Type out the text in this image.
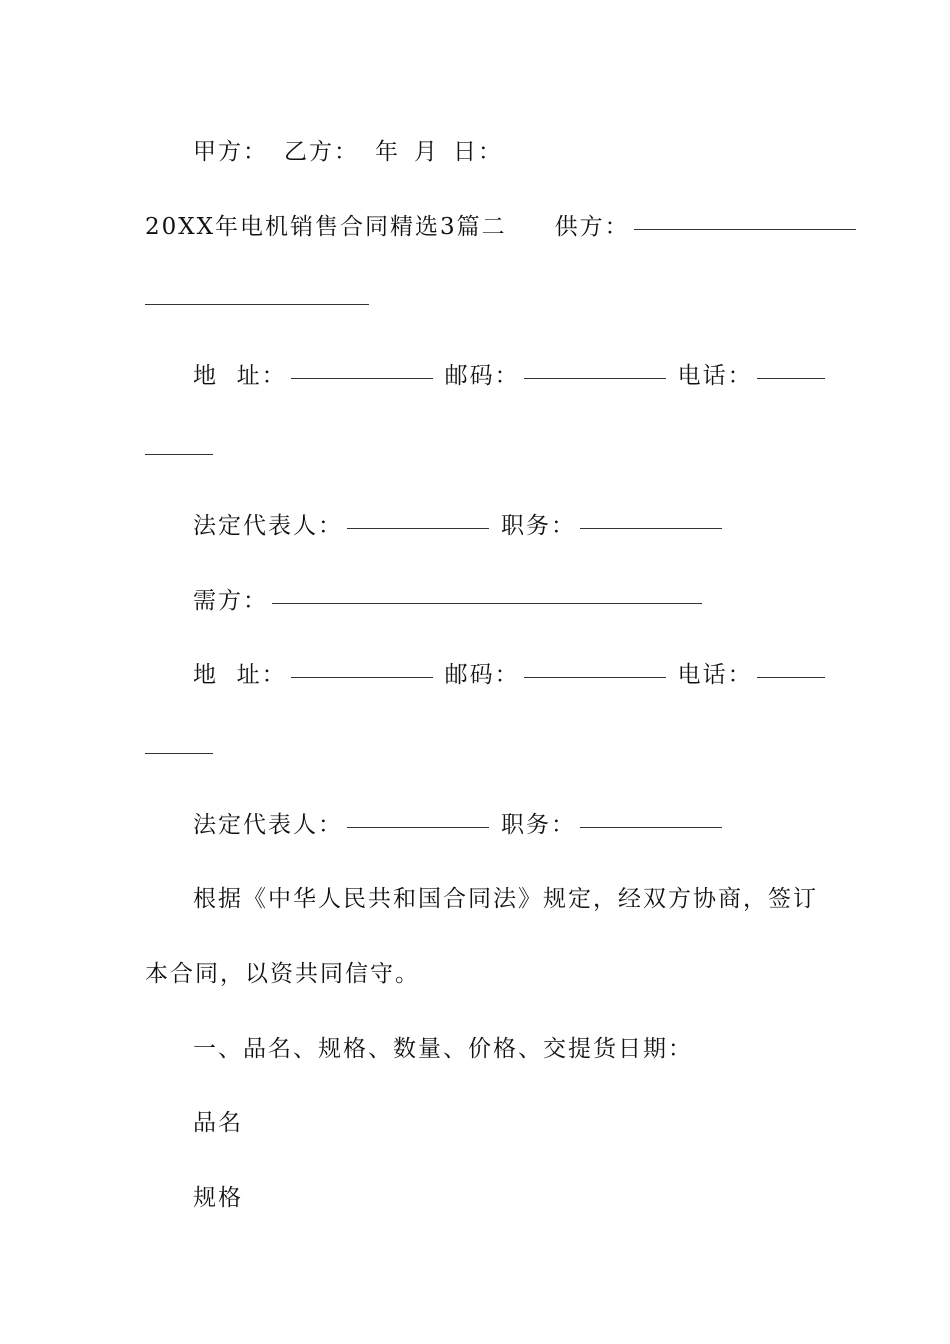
甲方： 乙方： 年 月 日：
20XX年电机销售合同精选3篇二 供方：
地  址：	邮码：	电话：
法定代表人：	职务：
需方：
地  址：	邮码：	电话：
法定代表人：	职务：
根据《中华人民共和国合同法》规定，经双方协商，签订
本合同，以资共同信守。
一、品名、规格、数量、价格、交提货日期：
品名
规格
